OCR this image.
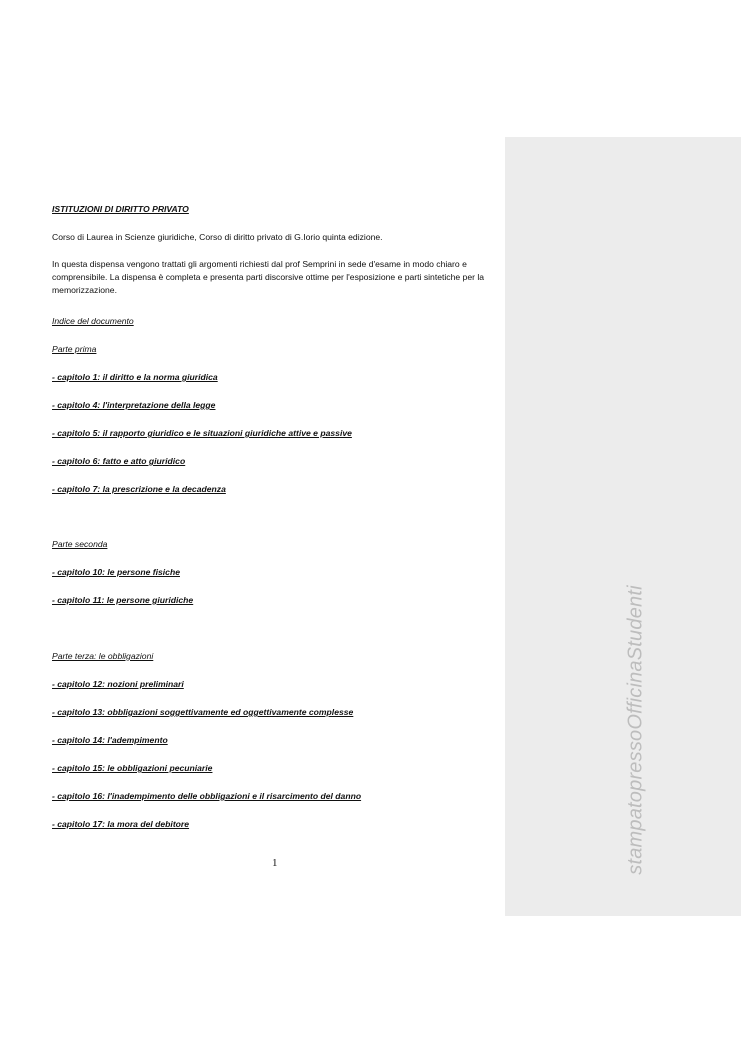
stampatopressoOfficinaStudenti
ISTITUZIONI DI DIRITTO PRIVATO
Corso di Laurea in Scienze giuridiche, Corso di diritto privato di G.Iorio quinta edizione.
In questa dispensa vengono trattati gli argomenti richiesti dal prof Semprini in sede d'esame in modo chiaro e comprensibile. La dispensa è completa e presenta parti discorsive ottime per l'esposizione e parti sintetiche per la memorizzazione.
Indice del documento
Parte prima
- capitolo 1: il diritto e la norma giuridica
- capitolo 4: l'interpretazione della legge
- capitolo 5: il rapporto giuridico e le situazioni giuridiche attive e passive
- capitolo 6: fatto e atto giuridico
- capitolo 7: la prescrizione e la decadenza
Parte seconda
- capitolo 10: le persone fisiche
- capitolo 11: le persone giuridiche
Parte terza: le obbligazioni
- capitolo 12: nozioni preliminari
- capitolo 13: obbligazioni soggettivamente ed oggettivamente complesse
- capitolo 14: l'adempimento
- capitolo 15: le obbligazioni pecuniarie
- capitolo 16: l'inadempimento delle obbligazioni e il risarcimento del danno
- capitolo 17: la mora del debitore
1
